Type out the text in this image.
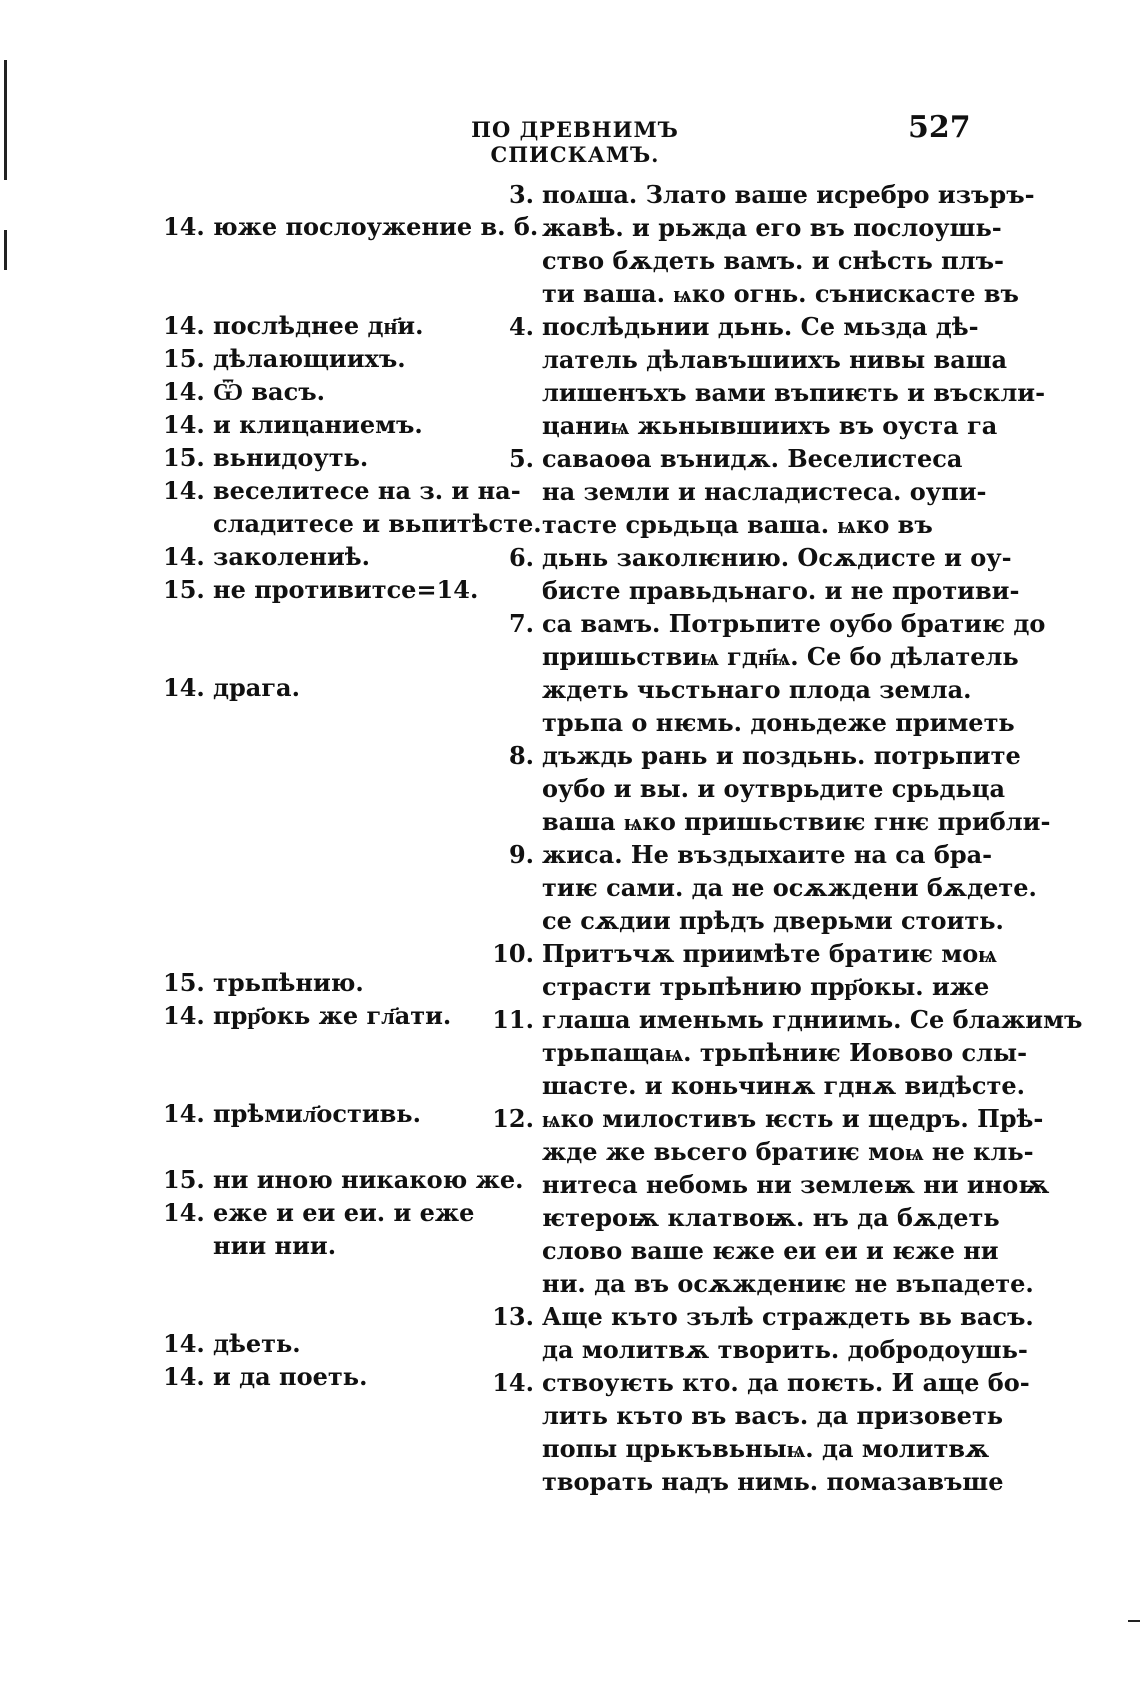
ПО ДРЕВНИМЪ СПИСКАМЪ.
527
14. юже послоужение в. б.
14. послѣднее дн҃и.
15. дѣлающиихъ.
14. Ѿ васъ.
14. и клицаниемъ.
15. вьнидоуть.
14. веселитесе на з. и на-
сладитесе и вьпитѣсте.
14. заколениѣ.
15. не противитсе=14.
14. драга.
15. трьпѣнию.
14. прр҃окь же гл҃ати.
14. прѣмил҃остивь.
15. ни иною никакою же.
14. еже и еи еи. и еже
нии нии.
14. дѣеть.
14. и да поеть.
3. поѧша. Злато ваше исребро изъръ-
жавѣ. и рьжда его въ послоушь-
ство бѫдеть вамъ. и снѣсть плъ-
ти ваша. ѩко огнь. сънискасте въ
4. послѣдьнии дьнь. Се мьзда дѣ-
латель дѣлавъшиихъ нивы ваша
лишенъхъ вами въпиѥть и въскли-
цаниѩ жьнывшиихъ въ оуста га
5. саваоѳа вънидѫ. Веселистеса
на земли и насладистеса. оупи-
тасте срьдьца ваша. ѩко въ
6. дьнь заколѥнию. Осѫдисте и оу-
бисте правьдьнаго. и не противи-
7. са вамъ. Потрьпите оубо братиѥ до
пришьствиѩ гдн҃ѩ. Се бо дѣлатель
ждеть чьстьнаго плода земла.
трьпа о нѥмь. доньдеже приметь
8. дъждь рань и поздьнь. потрьпите
оубо и вы. и оутврьдите срьдьца
ваша ѩко пришьствиѥ гнѥ прибли-
9. жиса. Не въздыхаите на са бра-
тиѥ сами. да не осѫждени бѫдете.
се сѫдии прѣдъ дверьми стоить.
10. Притъчѫ приимѣте братиѥ моѩ
страсти трьпѣнию прр҃окы. иже
11. глаша именьмь гдниимь. Се блажимъ
трьпащаѩ. трьпѣниѥ Иововo слы-
шасте. и коньчинѫ гднѫ видѣсте.
12. ѩко милостивъ ѥсть и щедръ. Прѣ-
жде же вьсего братиѥ моѩ не кль-
нитеса небомь ни землеѭ ни иноѭ
ѥтероѭ клатвоѭ. нъ да бѫдеть
слово ваше ѥже еи еи и ѥже ни
ни. да въ осѫждениѥ не въпадете.
13. Аще къто зълѣ страждеть вь васъ.
да молитвѫ творить. добродоушь-
14. ствоуѥть кто. да поѥть. И аще бо-
лить къто въ васъ. да призоветь
попы црькъвьныѩ. да молитвѫ
творать надъ нимь. помазавъше
